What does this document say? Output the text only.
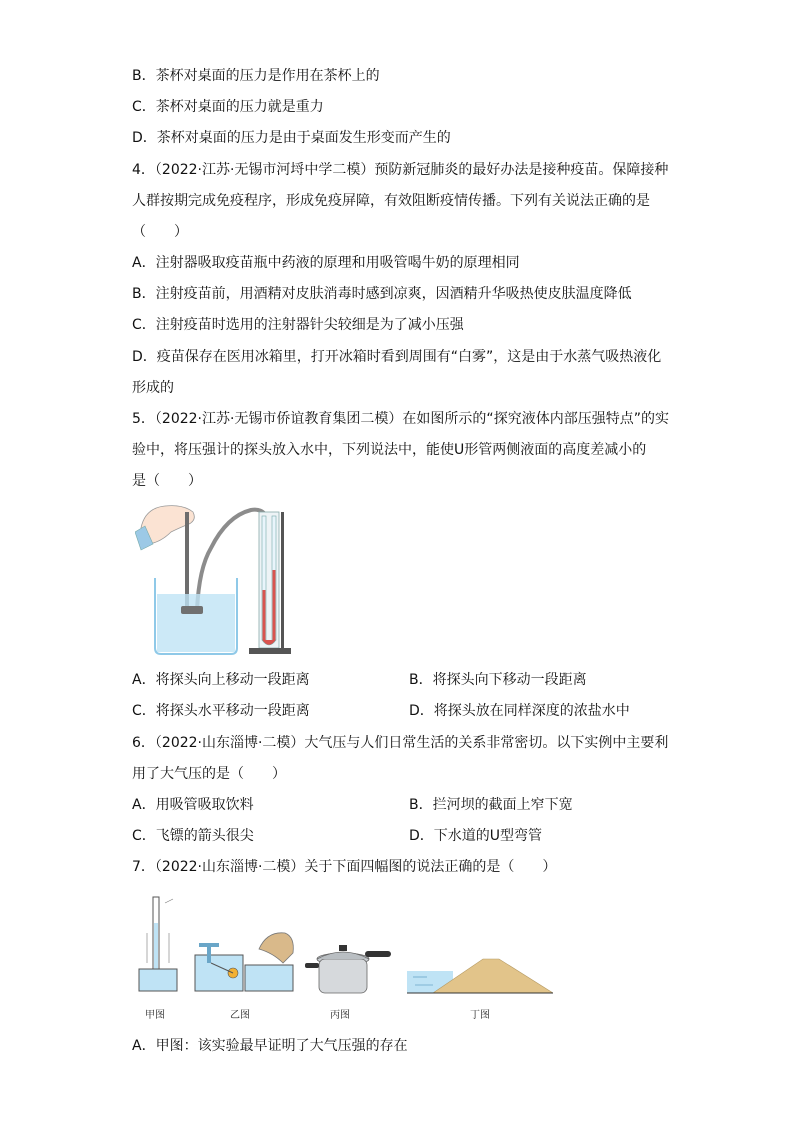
B．茶杯对桌面的压力是作用在茶杯上的
C．茶杯对桌面的压力就是重力
D．茶杯对桌面的压力是由于桌面发生形变而产生的
4．（2022·江苏·无锡市河埒中学二模）预防新冠肺炎的最好办法是接种疫苗。保障接种
人群按期完成免疫程序，形成免疫屏障，有效阻断疫情传播。下列有关说法正确的是
（　　）
A．注射器吸取疫苗瓶中药液的原理和用吸管喝牛奶的原理相同
B．注射疫苗前，用酒精对皮肤消毒时感到凉爽，因酒精升华吸热使皮肤温度降低
C．注射疫苗时选用的注射器针尖较细是为了减小压强
D．疫苗保存在医用冰箱里，打开冰箱时看到周围有“白雾”，这是由于水蒸气吸热液化
形成的
5．（2022·江苏·无锡市侨谊教育集团二模）在如图所示的“探究液体内部压强特点”的实
验中，将压强计的探头放入水中，下列说法中，能使U形管两侧液面的高度差减小的
是（　　）
A．将探头向上移动一段距离	B．将探头向下移动一段距离
C．将探头水平移动一段距离	D．将探头放在同样深度的浓盐水中
6．（2022·山东淄博·二模）大气压与人们日常生活的关系非常密切。以下实例中主要利
用了大气压的是（　　）
A．用吸管吸取饮料	B．拦河坝的截面上窄下宽
C．飞镖的箭头很尖	D．下水道的U型弯管
7．（2022·山东淄博·二模）关于下面四幅图的说法正确的是（　　）
甲图	乙图	丙图	丁图
A．甲图：该实验最早证明了大气压强的存在
